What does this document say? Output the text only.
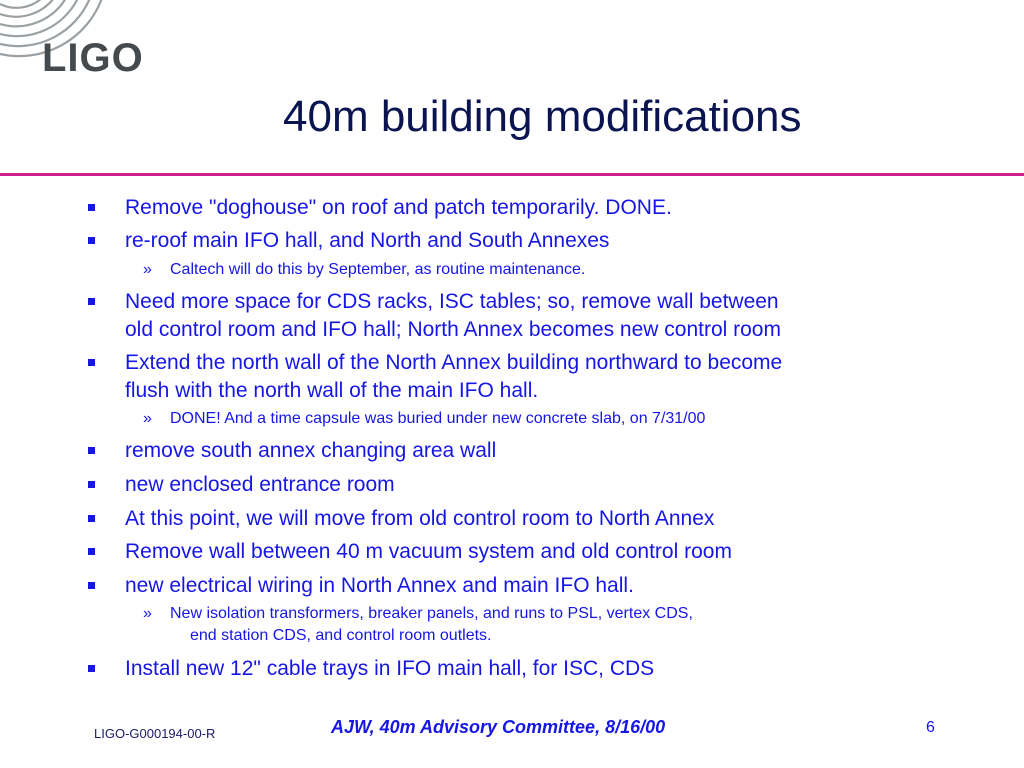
LIGO
40m building modifications
Remove "doghouse" on roof and patch temporarily. DONE.
re-roof main IFO hall, and North and South Annexes
» Caltech will do this by September, as routine maintenance.
Need more space for CDS racks, ISC tables; so, remove wall between
old control room and IFO hall; North Annex becomes new control room
Extend the north wall of the North Annex building northward to become
flush with the north wall of the main IFO hall.
» DONE! And a time capsule was buried under new concrete slab, on 7/31/00
remove south annex changing area wall
new enclosed entrance room
At this point, we will move from old control room to North Annex
Remove wall between 40 m vacuum system and old control room
new electrical wiring in North Annex and main IFO hall.
» New isolation transformers, breaker panels, and runs to PSL, vertex CDS,
end station CDS, and control room outlets.
Install new 12" cable trays in IFO main hall, for ISC, CDS
LIGO-G000194-00-R	AJW, 40m Advisory Committee, 8/16/00	6
